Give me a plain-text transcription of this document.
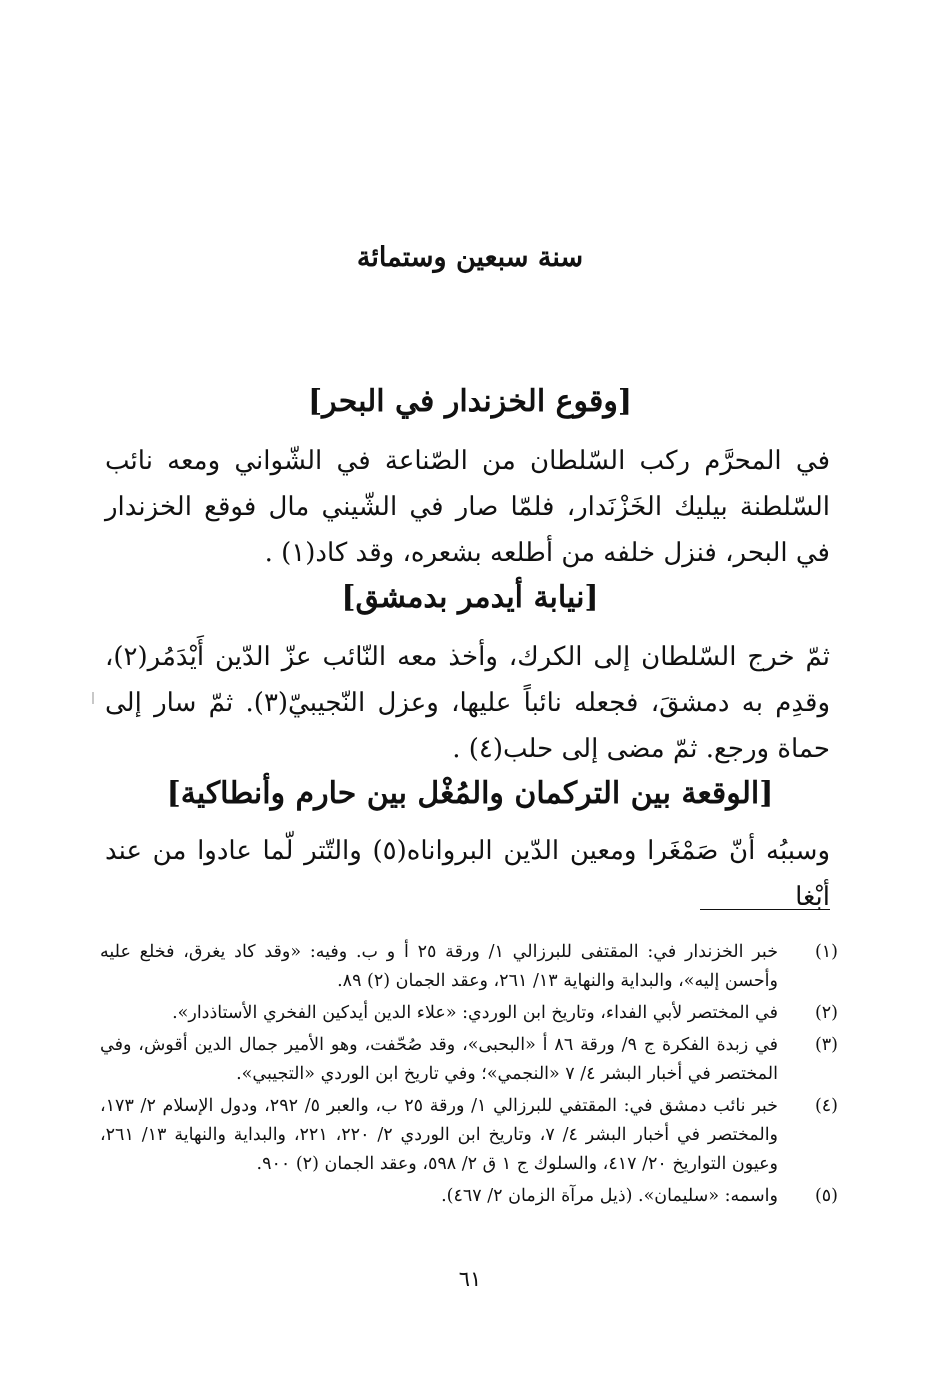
سنة سبعين وستمائة
[وقوع الخزندار في البحر]
في المحرَّم ركب السّلطان من الصّناعة في الشّواني ومعه نائب السّلطنة بيليك الخَزْنَدار، فلمّا صار في الشّيني مال فوقع الخزندار في البحر، فنزل خلفه من أطلعه بشعره، وقد كاد(١) .
[نيابة أيدمر بدمشق]
ثمّ خرج السّلطان إلى الكرك، وأخذ معه النّائب عزّ الدّين أَيْدَمُر(٢)، وقدِم به دمشقَ، فجعله نائباً عليها، وعزل النّجيبيّ(٣). ثمّ سار إلى حماة ورجع. ثمّ مضى إلى حلب(٤) .
[الوقعة بين التركمان والمُغْل بين حارم وأنطاكية]
وسببُه أنّ صَمْغَرا ومعين الدّين البرواناه(٥) والتّتر لّما عادوا من عند أبْغا
(١)
خبر الخزندار في: المقتفى للبرزالي ١/ ورقة ٢٥ أ و ب. وفيه: «وقد كاد يغرق، فخلع عليه وأحسن إليه»، والبداية والنهاية ١٣/ ٢٦١، وعقد الجمان (٢) ٨٩.
(٢)
في المختصر لأبي الفداء، وتاريخ ابن الوردي: «علاء الدين أيدكين الفخري الأستاذدار».
(٣)
في زبدة الفكرة ج ٩/ ورقة ٨٦ أ «البحبى»، وقد صُحّفت، وهو الأمير جمال الدين أقوش، وفي المختصر في أخبار البشر ٤/ ٧ «النجمي»؛ وفي تاريخ ابن الوردي «التجيبي».
(٤)
خبر نائب دمشق في: المقتفي للبرزالي ١/ ورقة ٢٥ ب، والعبر ٥/ ٢٩٢، ودول الإسلام ٢/ ١٧٣، والمختصر في أخبار البشر ٤/ ٧، وتاريخ ابن الوردي ٢/ ٢٢٠، ٢٢١، والبداية والنهاية ١٣/ ٢٦١، وعيون التواريخ ٢٠/ ٤١٧، والسلوك ج ١ ق ٢/ ٥٩٨، وعقد الجمان (٢) ٩٠٠.
(٥)
واسمه: «سليمان». (ذيل مرآة الزمان ٢/ ٤٦٧).
٦١
